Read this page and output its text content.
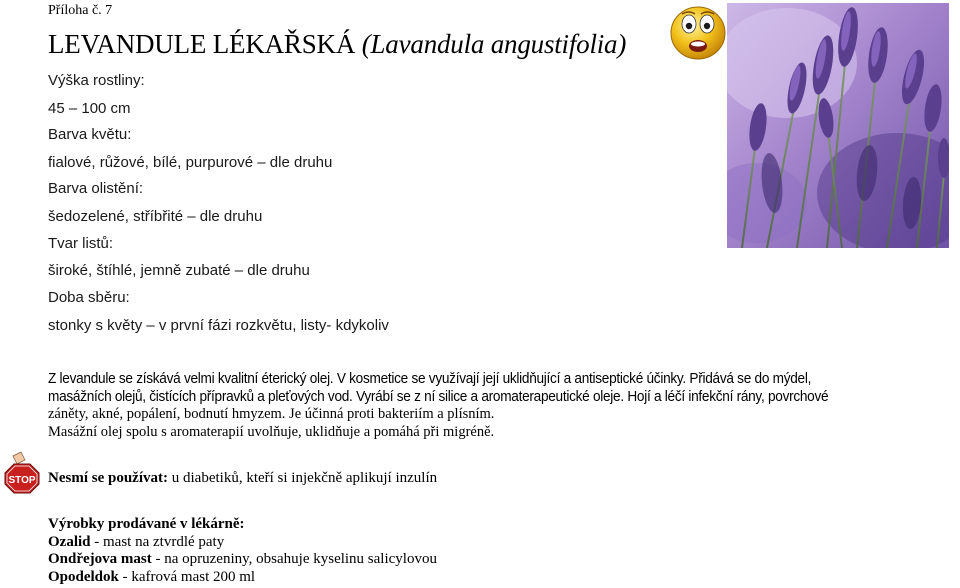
Příloha č. 7
LEVANDULE LÉKAŘSKÁ (Lavandula angustifolia)
Výška rostliny:
45 – 100 cm
Barva květu:
fialové, růžové, bílé, purpurové – dle druhu
Barva olistění:
šedozelené, stříbřité – dle druhu
Tvar listů:
široké, štíhlé, jemně zubaté – dle druhu
Doba sběru:
stonky s květy – v první fázi rozkvětu, listy- kdykoliv
Z levandule se získává velmi kvalitní éterický olej. V kosmetice se využívají její uklidňující a antiseptické účinky. Přidává se do mýdel,
masážních olejů, čistících přípravků a pleťových vod. Vyrábí se z ní silice a aromaterapeutické oleje. Hojí a léčí infekční rány, povrchové
záněty, akné, popálení, bodnutí hmyzem. Je účinná proti bakteriím a plísním.
Masážní olej spolu s aromaterapií uvolňuje, uklidňuje a pomáhá při migréně.
Nesmí se používat: u diabetiků, kteří si injekčně aplikují inzulín
Výrobky prodávané v lékárně:
Ozalid - mast na ztvrdlé paty
Ondřejova mast - na opruzeniny, obsahuje kyselinu salicylovou
Opodeldok - kafrová mast 200 ml
STOP
